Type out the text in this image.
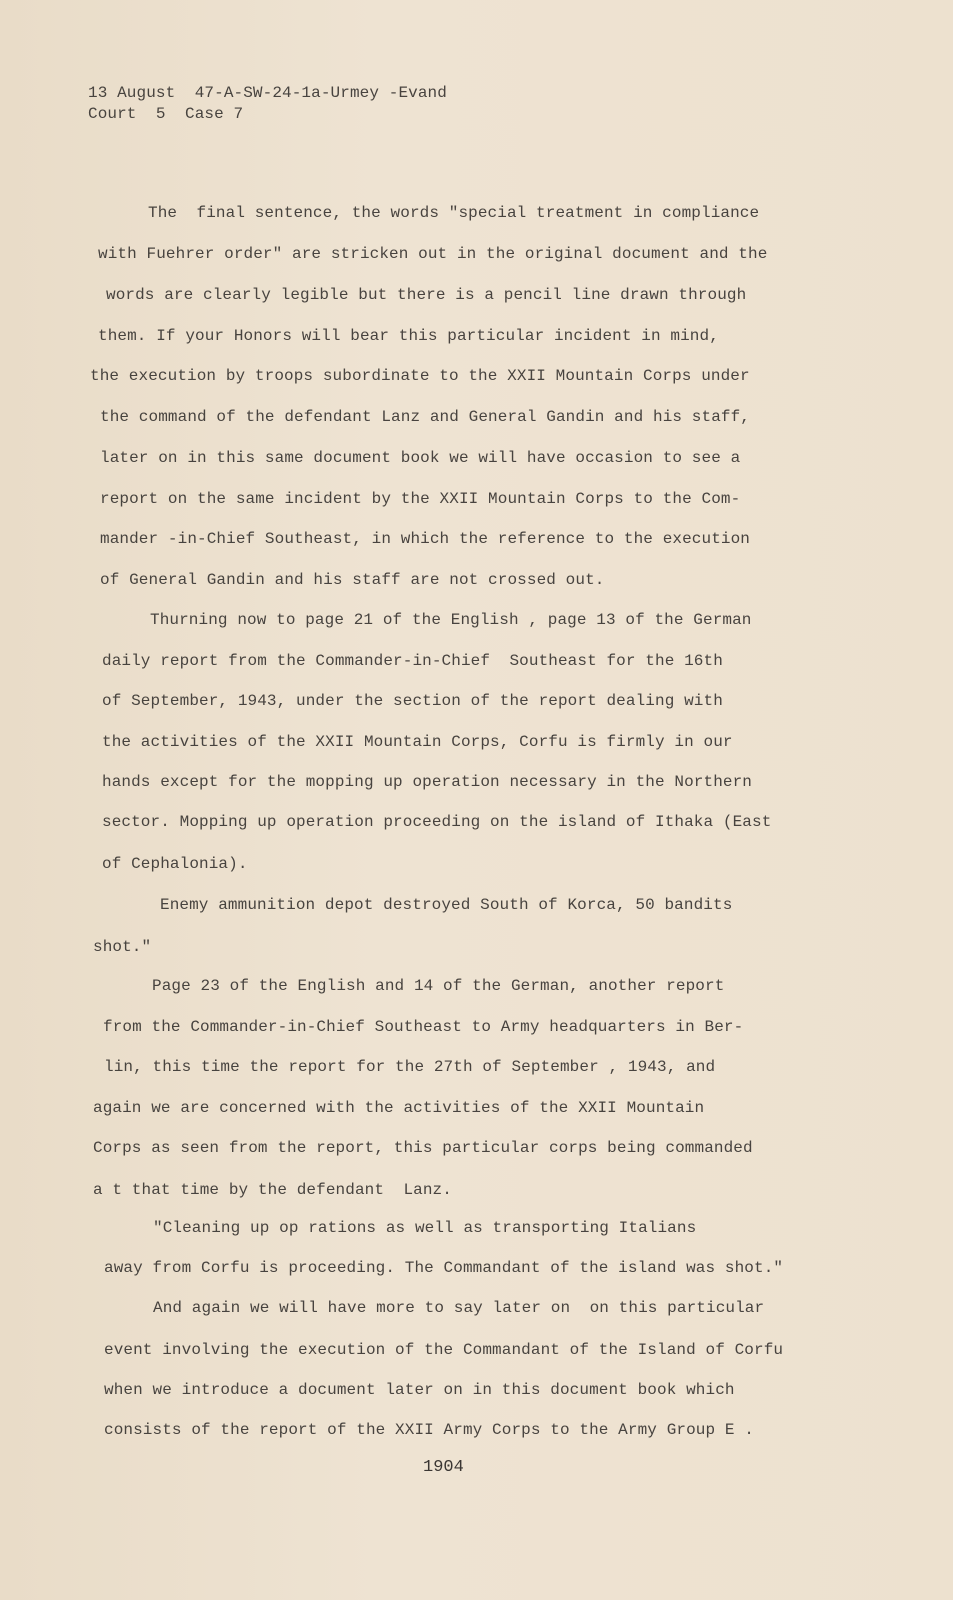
13 August  47-A-SW-24-1a-Urmey -Evand
Court  5  Case 7
The  final sentence, the words "special treatment in compliance
with Fuehrer order" are stricken out in the original document and the
words are clearly legible but there is a pencil line drawn through
them. If your Honors will bear this particular incident in mind,
the execution by troops subordinate to the XXII Mountain Corps under
the command of the defendant Lanz and General Gandin and his staff,
later on in this same document book we will have occasion to see a
report on the same incident by the XXII Mountain Corps to the Com-
mander -in-Chief Southeast, in which the reference to the execution
of General Gandin and his staff are not crossed out.
Thurning now to page 21 of the English , page 13 of the German
daily report from the Commander-in-Chief  Southeast for the 16th
of September, 1943, under the section of the report dealing with
the activities of the XXII Mountain Corps, Corfu is firmly in our
hands except for the mopping up operation necessary in the Northern
sector. Mopping up operation proceeding on the island of Ithaka (East
of Cephalonia).
Enemy ammunition depot destroyed South of Korca, 50 bandits
shot."
Page 23 of the English and 14 of the German, another report
from the Commander-in-Chief Southeast to Army headquarters in Ber-
lin, this time the report for the 27th of September , 1943, and
again we are concerned with the activities of the XXII Mountain
Corps as seen from the report, this particular corps being commanded
a t that time by the defendant  Lanz.
"Cleaning up op rations as well as transporting Italians
away from Corfu is proceeding. The Commandant of the island was shot."
And again we will have more to say later on  on this particular
event involving the execution of the Commandant of the Island of Corfu
when we introduce a document later on in this document book which
consists of the report of the XXII Army Corps to the Army Group E .
1904
